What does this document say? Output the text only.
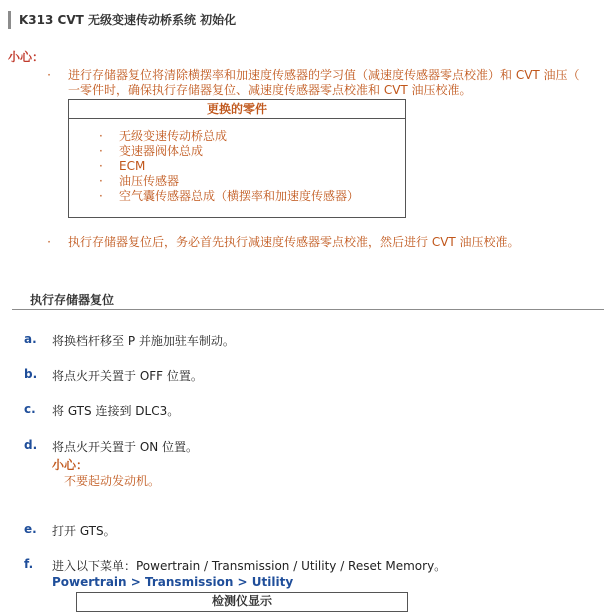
K313 CVT 无级变速传动桥系统 初始化
小心：
· 进行存储器复位将清除横摆率和加速度传感器的学习值（减速度传感器零点校准）和 CVT 油压（
一零件时，确保执行存储器复位、减速度传感器零点校准和 CVT 油压校准。
更换的零件
· 无级变速传动桥总成
· 变速器阀体总成
· ECM
· 油压传感器
· 空气囊传感器总成（横摆率和加速度传感器）
· 执行存储器复位后，务必首先执行减速度传感器零点校准，然后进行 CVT 油压校准。
执行存储器复位
a. 将换档杆移至 P 并施加驻车制动。
b. 将点火开关置于 OFF 位置。
c. 将 GTS 连接到 DLC3。
d. 将点火开关置于 ON 位置。
小心：
不要起动发动机。
e. 打开 GTS。
f. 进入以下菜单：Powertrain / Transmission / Utility / Reset Memory。
Powertrain > Transmission > Utility
检测仪显示
